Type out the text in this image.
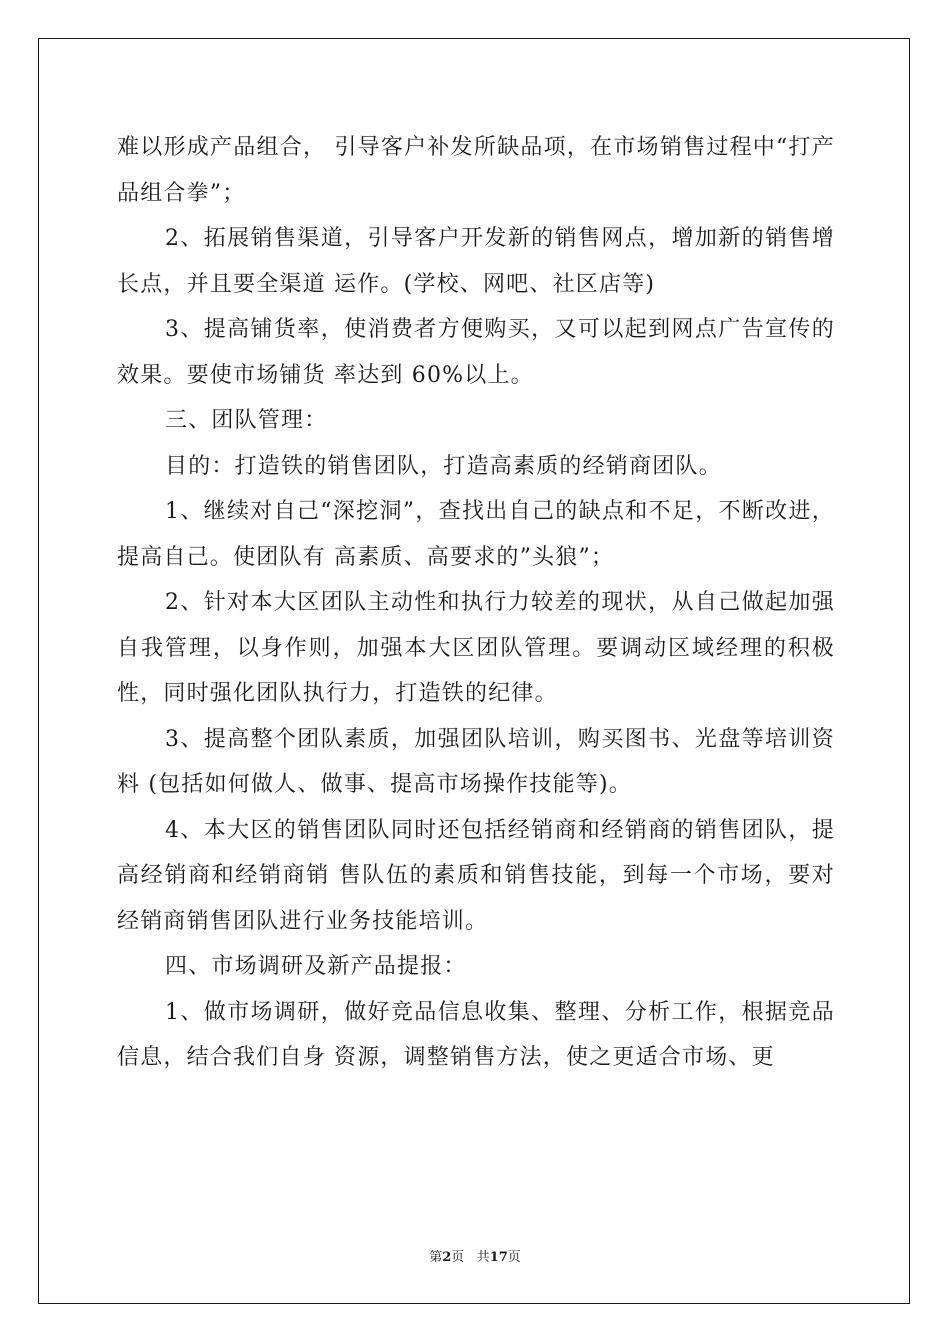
难以形成产品组合， 引导客户补发所缺品项，在市场销售过程中“打产品组合拳”；

2、拓展销售渠道，引导客户开发新的销售网点，增加新的销售增长点，并且要全渠道 运作。(学校、网吧、社区店等)

3、提高铺货率，使消费者方便购买，又可以起到网点广告宣传的效果。要使市场铺货 率达到 60%以上。

三、团队管理：

目的：打造铁的销售团队，打造高素质的经销商团队。

1、继续对自己“深挖洞”，查找出自己的缺点和不足，不断改进，提高自己。使团队有 高素质、高要求的”头狼”；

2、针对本大区团队主动性和执行力较差的现状，从自己做起加强自我管理，以身作则，加强本大区团队管理。要调动区域经理的积极性，同时强化团队执行力，打造铁的纪律。

3、提高整个团队素质，加强团队培训，购买图书、光盘等培训资料 (包括如何做人、做事、提高市场操作技能等)。

4、本大区的销售团队同时还包括经销商和经销商的销售团队，提高经销商和经销商销 售队伍的素质和销售技能，到每一个市场，要对经销商销售团队进行业务技能培训。

四、市场调研及新产品提报：

1、做市场调研，做好竞品信息收集、整理、分析工作，根据竞品信息，结合我们自身 资源，调整销售方法，使之更适合市场、更

第2页 共17页
